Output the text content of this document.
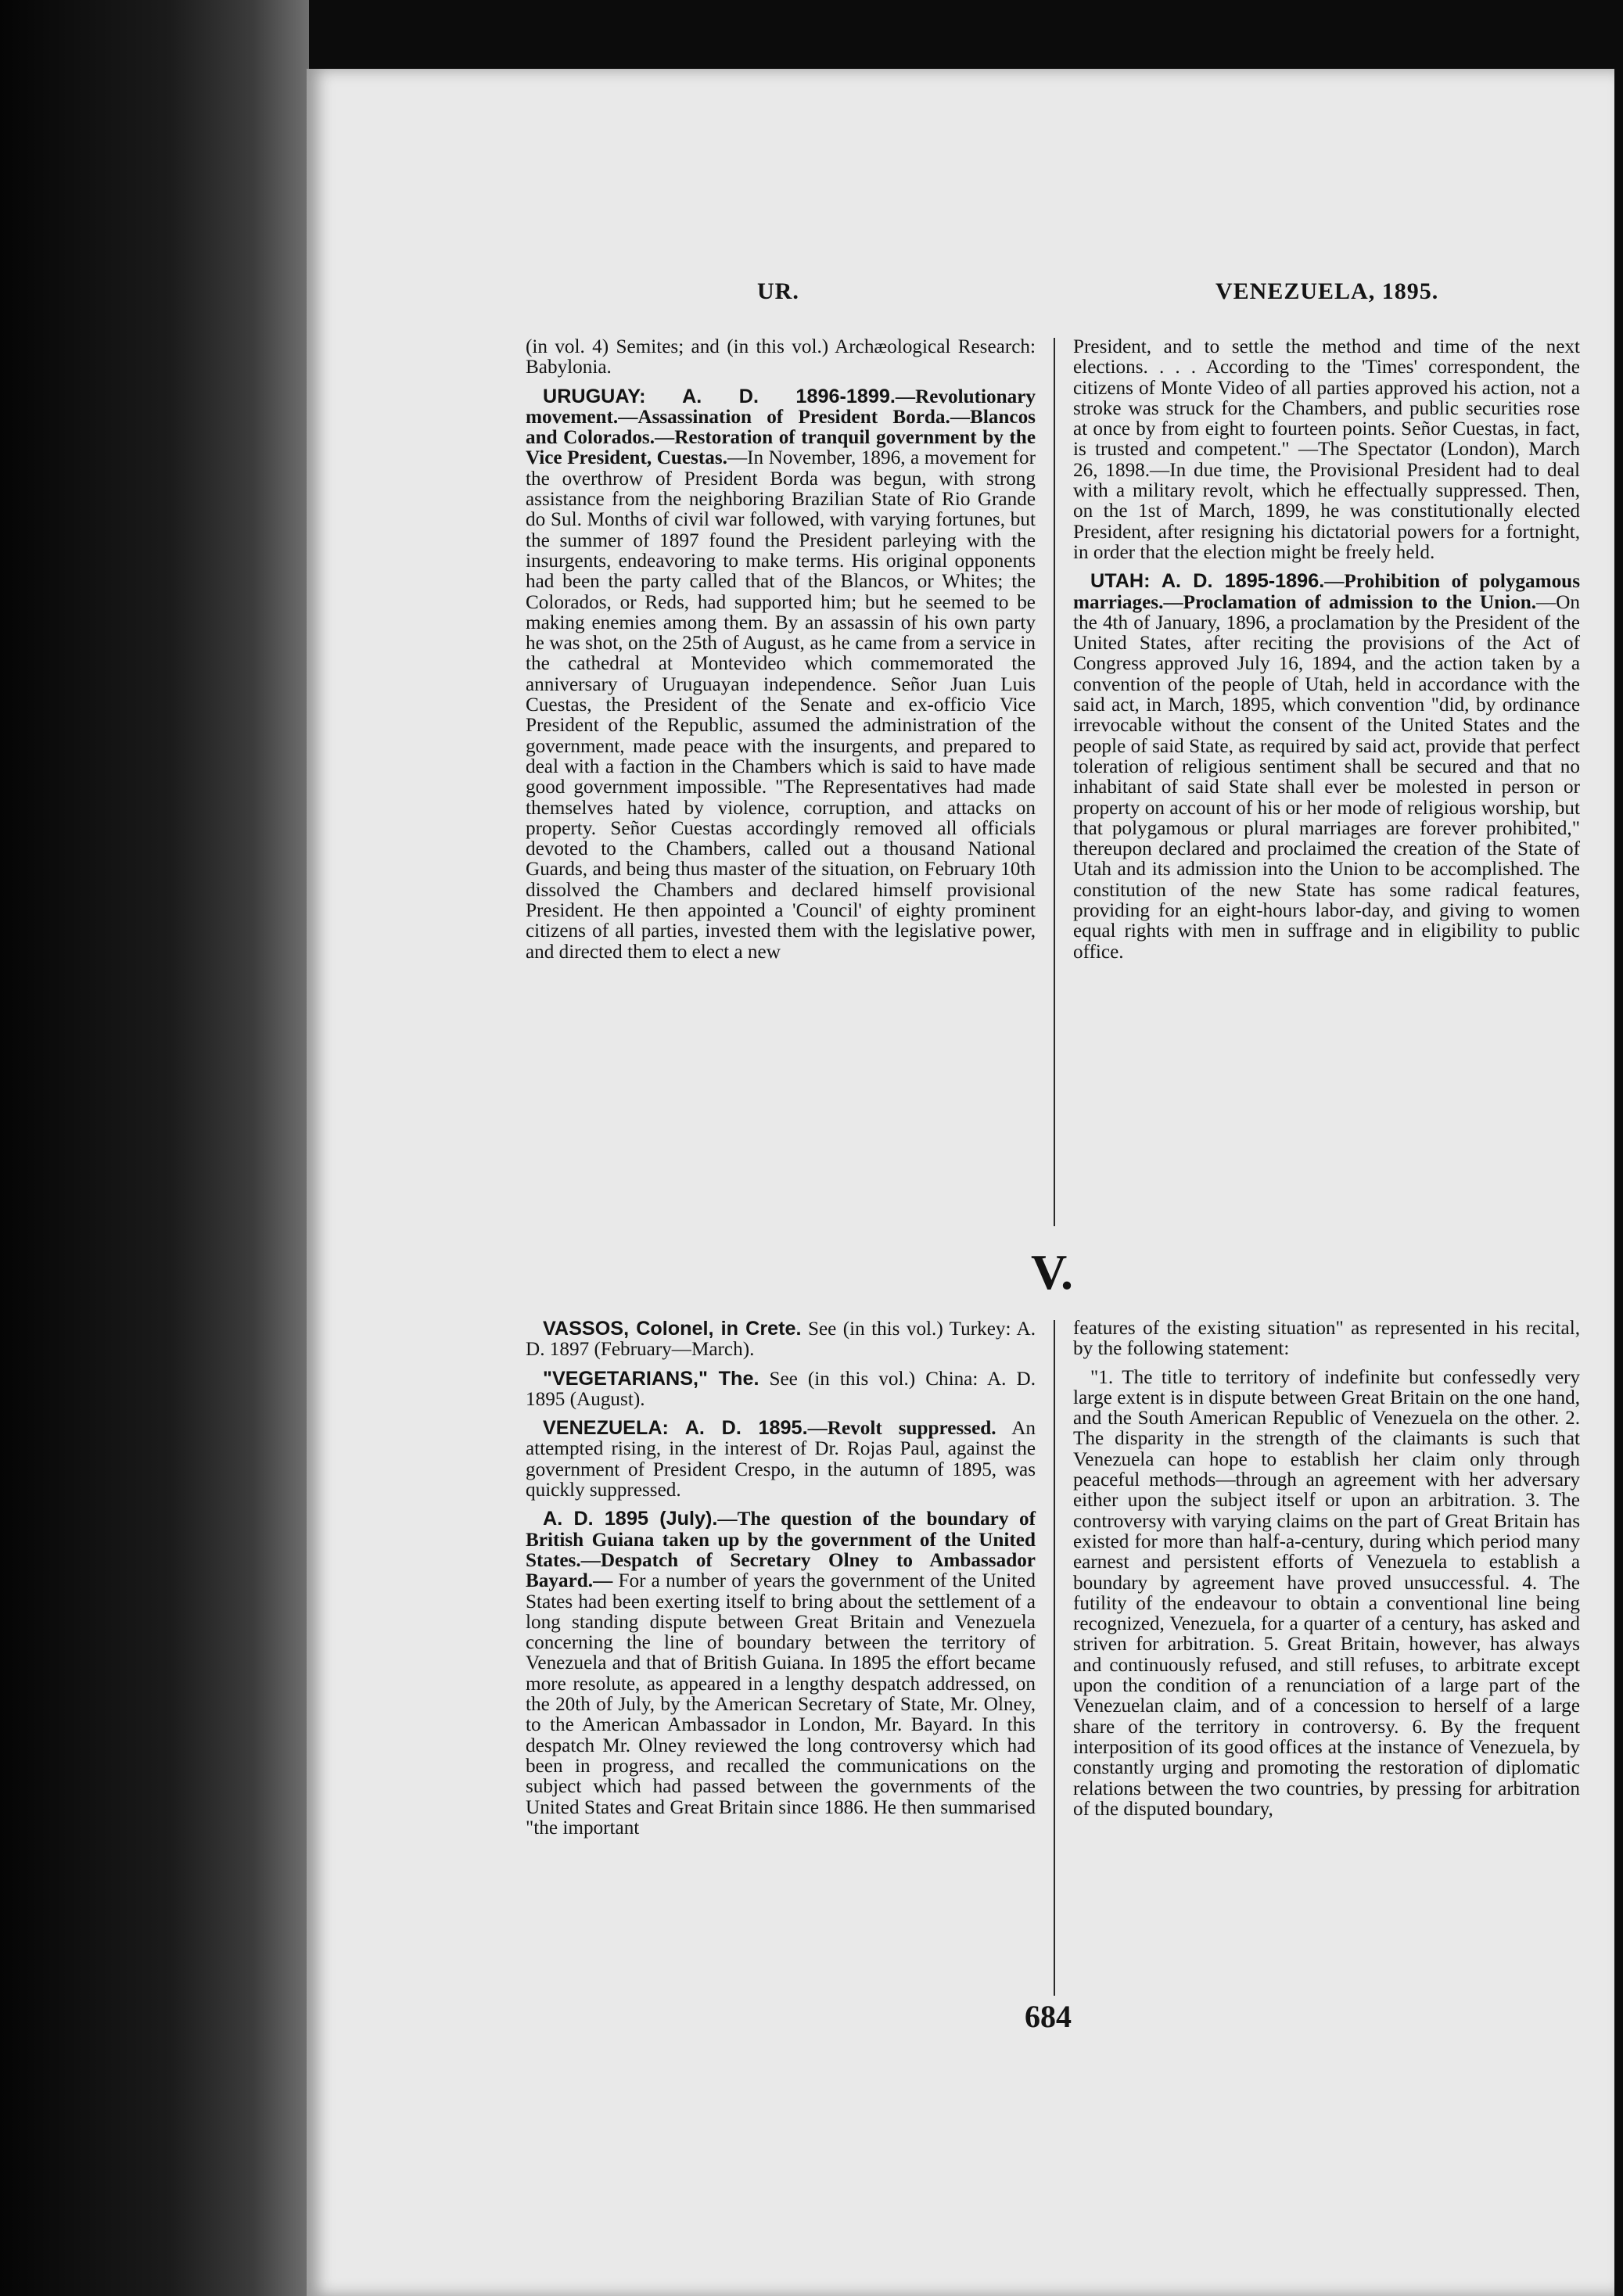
UR.	VENEZUELA, 1895.

(in vol. 4) Semites; and (in this vol.) Archæological Research: Babylonia.

URUGUAY: A. D. 1896-1899.—Revolutionary movement.—Assassination of President Borda.—Blancos and Colorados.—Restoration of tranquil government by the Vice President, Cuestas.—In November, 1896, a movement for the overthrow of President Borda was begun, with strong assistance from the neighboring Brazilian State of Rio Grande do Sul. Months of civil war followed, with varying fortunes, but the summer of 1897 found the President parleying with the insurgents, endeavoring to make terms. His original opponents had been the party called that of the Blancos, or Whites; the Colorados, or Reds, had supported him; but he seemed to be making enemies among them. By an assassin of his own party he was shot, on the 25th of August, as he came from a service in the cathedral at Montevideo which commemorated the anniversary of Uruguayan independence. Señor Juan Luis Cuestas, the President of the Senate and ex-officio Vice President of the Republic, assumed the administration of the government, made peace with the insurgents, and prepared to deal with a faction in the Chambers which is said to have made good government impossible. "The Representatives had made themselves hated by violence, corruption, and attacks on property. Señor Cuestas accordingly removed all officials devoted to the Chambers, called out a thousand National Guards, and being thus master of the situation, on February 10th dissolved the Chambers and declared himself provisional President. He then appointed a 'Council' of eighty prominent citizens of all parties, invested them with the legislative power, and directed them to elect a new

President, and to settle the method and time of the next elections. . . . According to the 'Times' correspondent, the citizens of Monte Video of all parties approved his action, not a stroke was struck for the Chambers, and public securities rose at once by from eight to fourteen points. Señor Cuestas, in fact, is trusted and competent." —The Spectator (London), March 26, 1898.—In due time, the Provisional President had to deal with a military revolt, which he effectually suppressed. Then, on the 1st of March, 1899, he was constitutionally elected President, after resigning his dictatorial powers for a fortnight, in order that the election might be freely held.

UTAH: A. D. 1895-1896.—Prohibition of polygamous marriages.—Proclamation of admission to the Union.—On the 4th of January, 1896, a proclamation by the President of the United States, after reciting the provisions of the Act of Congress approved July 16, 1894, and the action taken by a convention of the people of Utah, held in accordance with the said act, in March, 1895, which convention "did, by ordinance irrevocable without the consent of the United States and the people of said State, as required by said act, provide that perfect toleration of religious sentiment shall be secured and that no inhabitant of said State shall ever be molested in person or property on account of his or her mode of religious worship, but that polygamous or plural marriages are forever prohibited," thereupon declared and proclaimed the creation of the State of Utah and its admission into the Union to be accomplished. The constitution of the new State has some radical features, providing for an eight-hours labor-day, and giving to women equal rights with men in suffrage and in eligibility to public office.

V.

VASSOS, Colonel, in Crete. See (in this vol.) Turkey: A. D. 1897 (February—March).

"VEGETARIANS," The. See (in this vol.) China: A. D. 1895 (August).

VENEZUELA: A. D. 1895.—Revolt suppressed. An attempted rising, in the interest of Dr. Rojas Paul, against the government of President Crespo, in the autumn of 1895, was quickly suppressed.

A. D. 1895 (July).—The question of the boundary of British Guiana taken up by the government of the United States.—Despatch of Secretary Olney to Ambassador Bayard.— For a number of years the government of the United States had been exerting itself to bring about the settlement of a long standing dispute between Great Britain and Venezuela concerning the line of boundary between the territory of Venezuela and that of British Guiana. In 1895 the effort became more resolute, as appeared in a lengthy despatch addressed, on the 20th of July, by the American Secretary of State, Mr. Olney, to the American Ambassador in London, Mr. Bayard. In this despatch Mr. Olney reviewed the long controversy which had been in progress, and recalled the communications on the subject which had passed between the governments of the United States and Great Britain since 1886. He then summarised "the important

features of the existing situation" as represented in his recital, by the following statement:

"1. The title to territory of indefinite but confessedly very large extent is in dispute between Great Britain on the one hand, and the South American Republic of Venezuela on the other. 2. The disparity in the strength of the claimants is such that Venezuela can hope to establish her claim only through peaceful methods—through an agreement with her adversary either upon the subject itself or upon an arbitration. 3. The controversy with varying claims on the part of Great Britain has existed for more than half-a-century, during which period many earnest and persistent efforts of Venezuela to establish a boundary by agreement have proved unsuccessful. 4. The futility of the endeavour to obtain a conventional line being recognized, Venezuela, for a quarter of a century, has asked and striven for arbitration. 5. Great Britain, however, has always and continuously refused, and still refuses, to arbitrate except upon the condition of a renunciation of a large part of the Venezuelan claim, and of a concession to herself of a large share of the territory in controversy. 6. By the frequent interposition of its good offices at the instance of Venezuela, by constantly urging and promoting the restoration of diplomatic relations between the two countries, by pressing for arbitration of the disputed boundary,

684
